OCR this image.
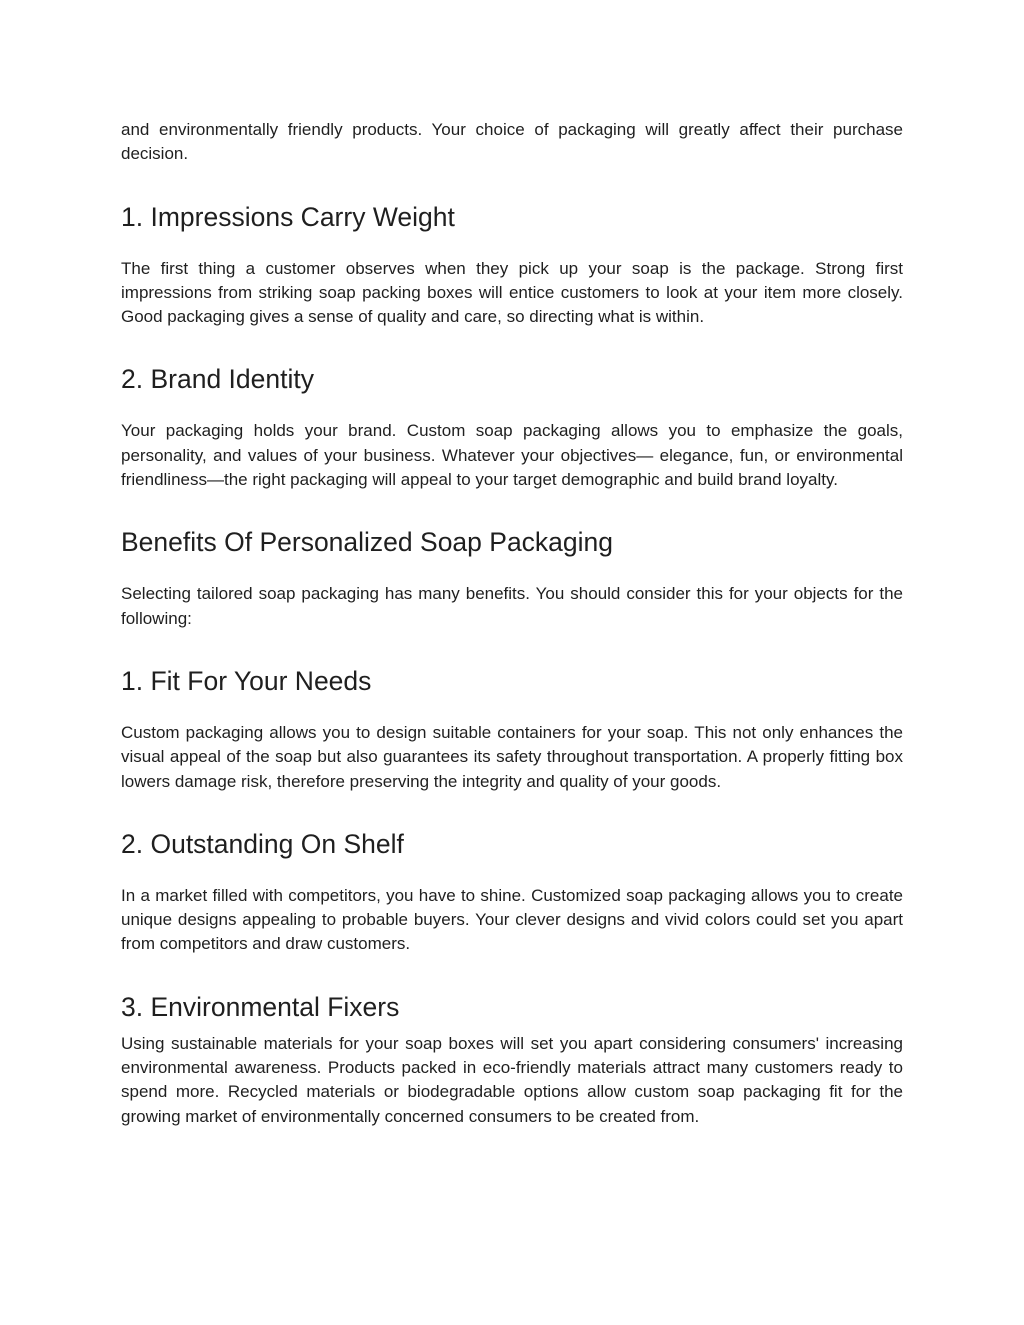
and environmentally friendly products. Your choice of packaging will greatly affect their purchase decision.

1. Impressions Carry Weight

The first thing a customer observes when they pick up your soap is the package. Strong first impressions from striking soap packing boxes will entice customers to look at your item more closely. Good packaging gives a sense of quality and care, so directing what is within.

2. Brand Identity

Your packaging holds your brand. Custom soap packaging allows you to emphasize the goals, personality, and values of your business. Whatever your objectives— elegance, fun, or environmental friendliness—the right packaging will appeal to your target demographic and build brand loyalty.

Benefits Of Personalized Soap Packaging

Selecting tailored soap packaging has many benefits. You should consider this for your objects for the following:

1. Fit For Your Needs

Custom packaging allows you to design suitable containers for your soap. This not only enhances the visual appeal of the soap but also guarantees its safety throughout transportation. A properly fitting box lowers damage risk, therefore preserving the integrity and quality of your goods.

2. Outstanding On Shelf

In a market filled with competitors, you have to shine. Customized soap packaging allows you to create unique designs appealing to probable buyers. Your clever designs and vivid colors could set you apart from competitors and draw customers.

3. Environmental Fixers

Using sustainable materials for your soap boxes will set you apart considering consumers' increasing environmental awareness. Products packed in eco-friendly materials attract many customers ready to spend more. Recycled materials or biodegradable options allow custom soap packaging fit for the growing market of environmentally concerned consumers to be created from.
